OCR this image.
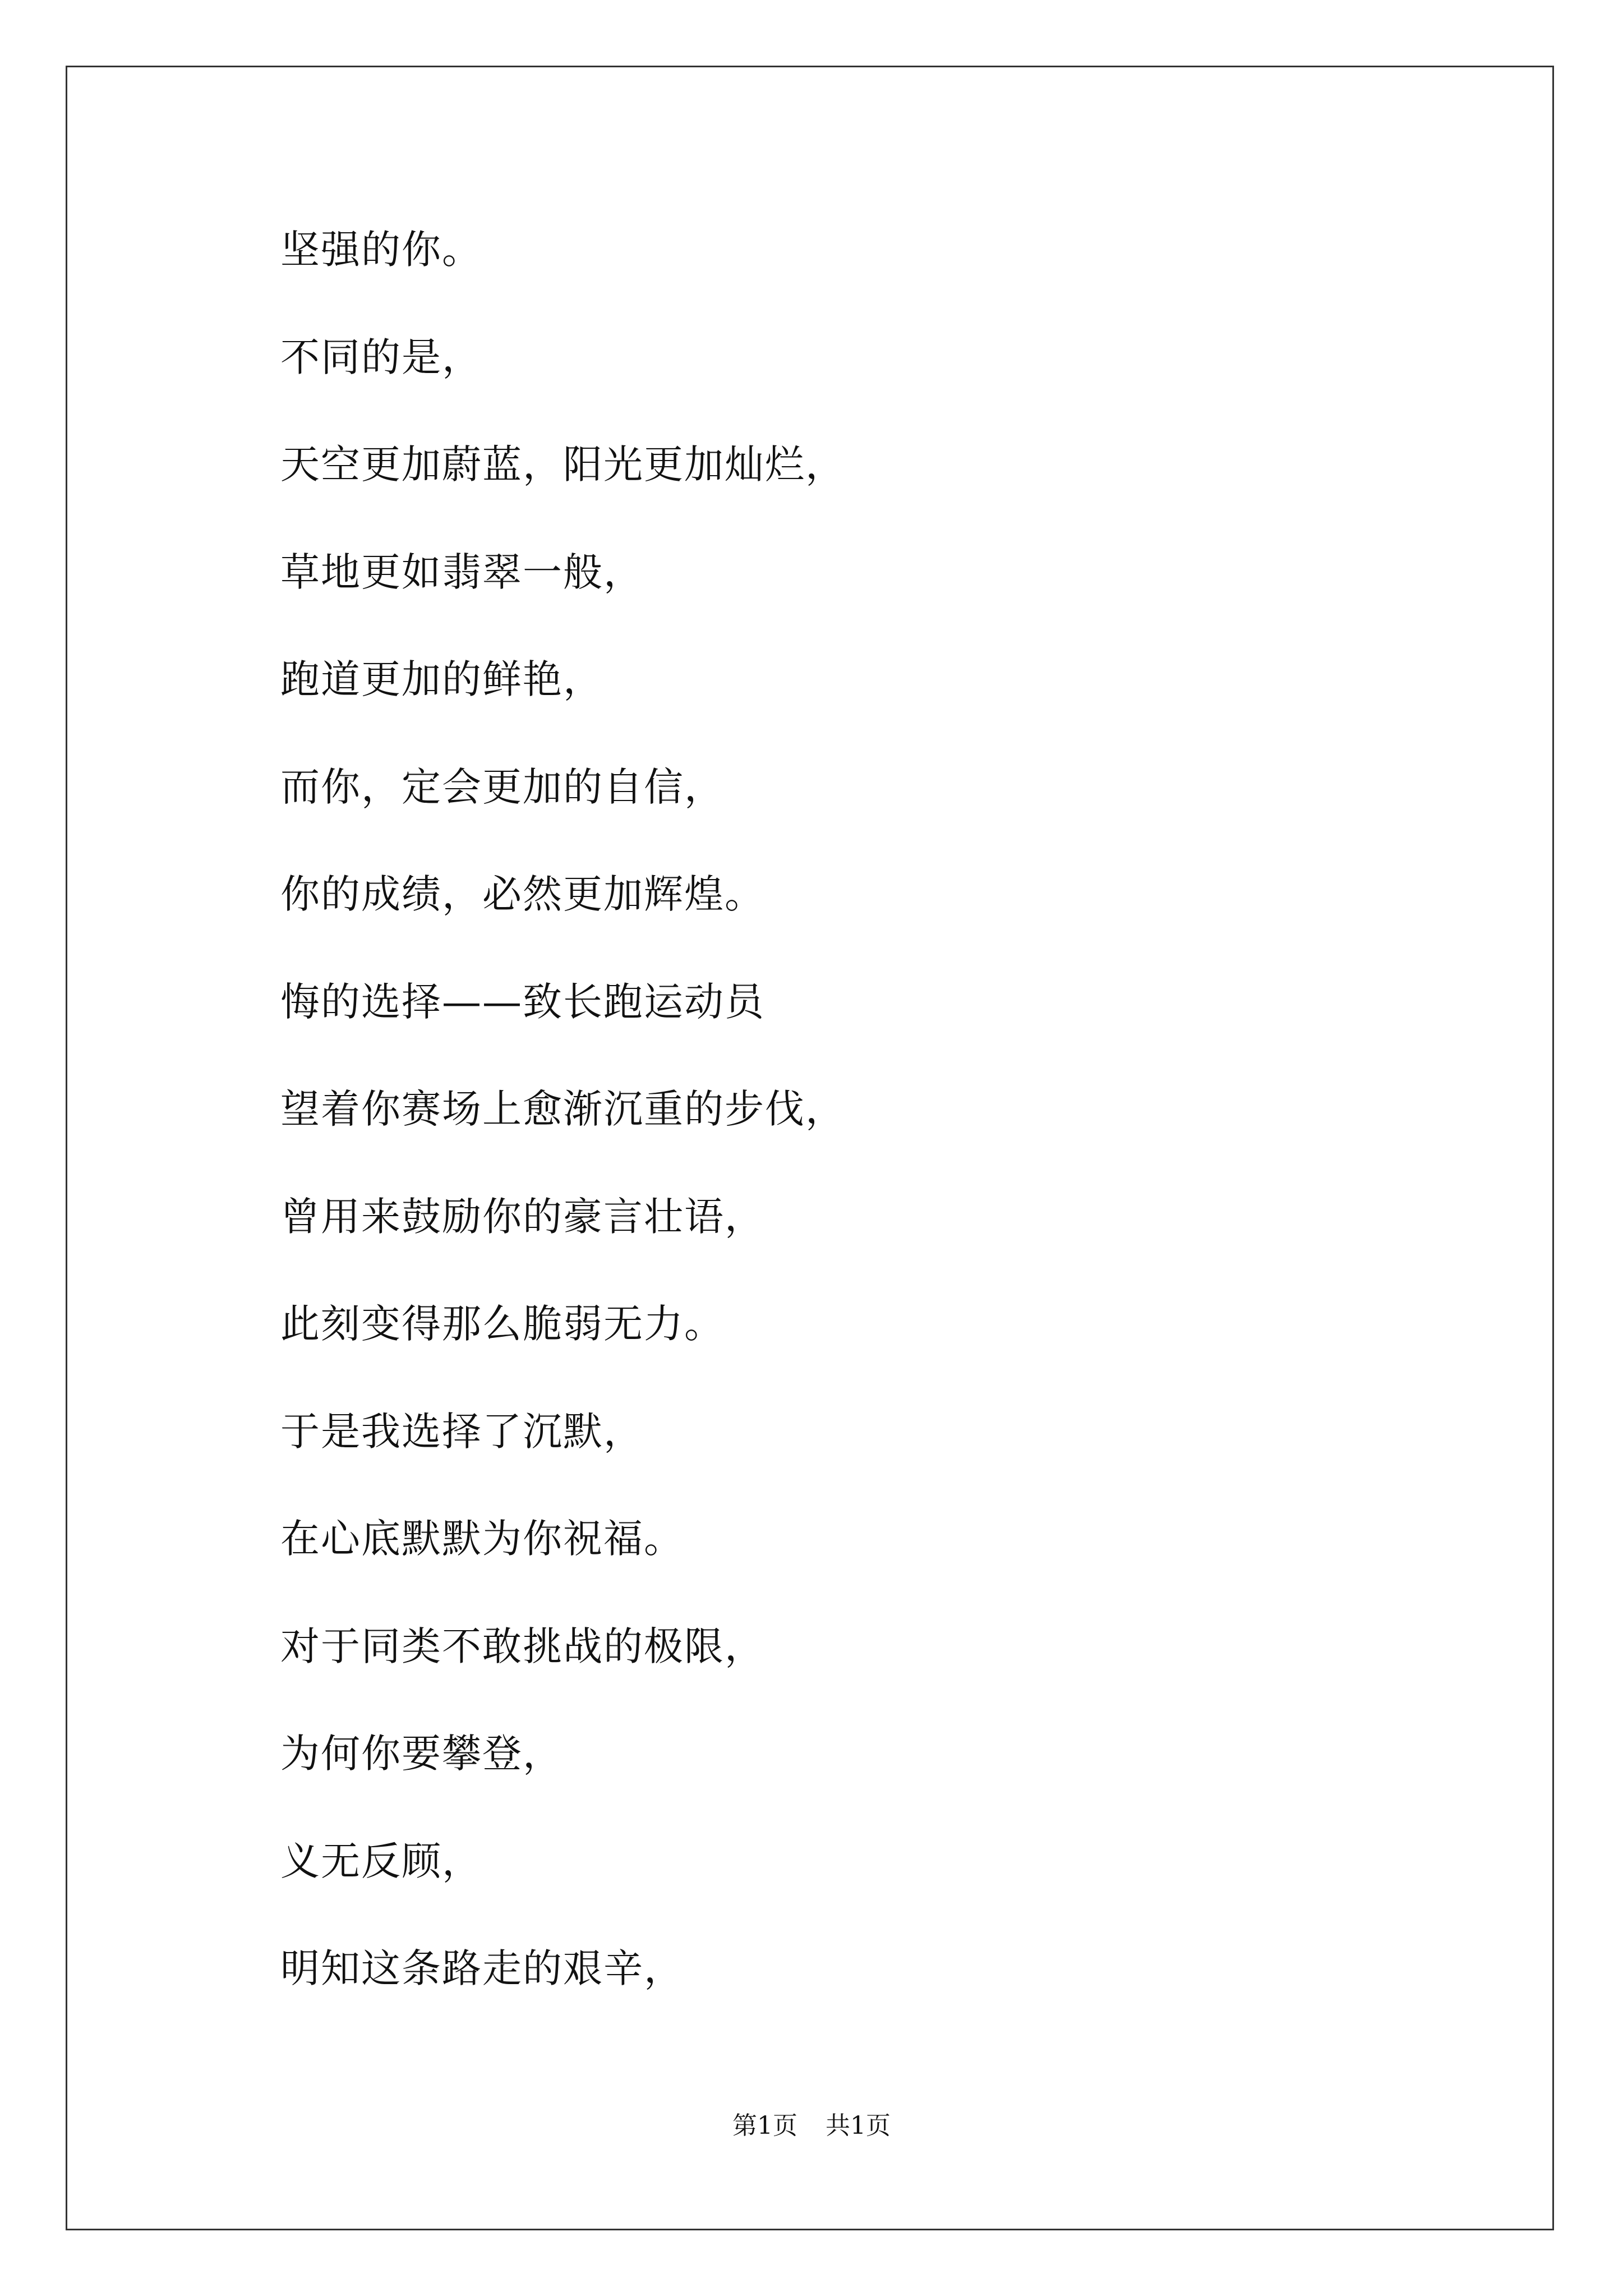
坚强的你。
不同的是，
天空更加蔚蓝，阳光更加灿烂，
草地更如翡翠一般，
跑道更加的鲜艳，
而你，定会更加的自信，
你的成绩，必然更加辉煌。
悔的选择——致长跑运动员
望着你赛场上愈渐沉重的步伐，
曾用来鼓励你的豪言壮语，
此刻变得那么脆弱无力。
于是我选择了沉默，
在心底默默为你祝福。
对于同类不敢挑战的极限，
为何你要攀登，
义无反顾，
明知这条路走的艰辛，
第1页 共1页
